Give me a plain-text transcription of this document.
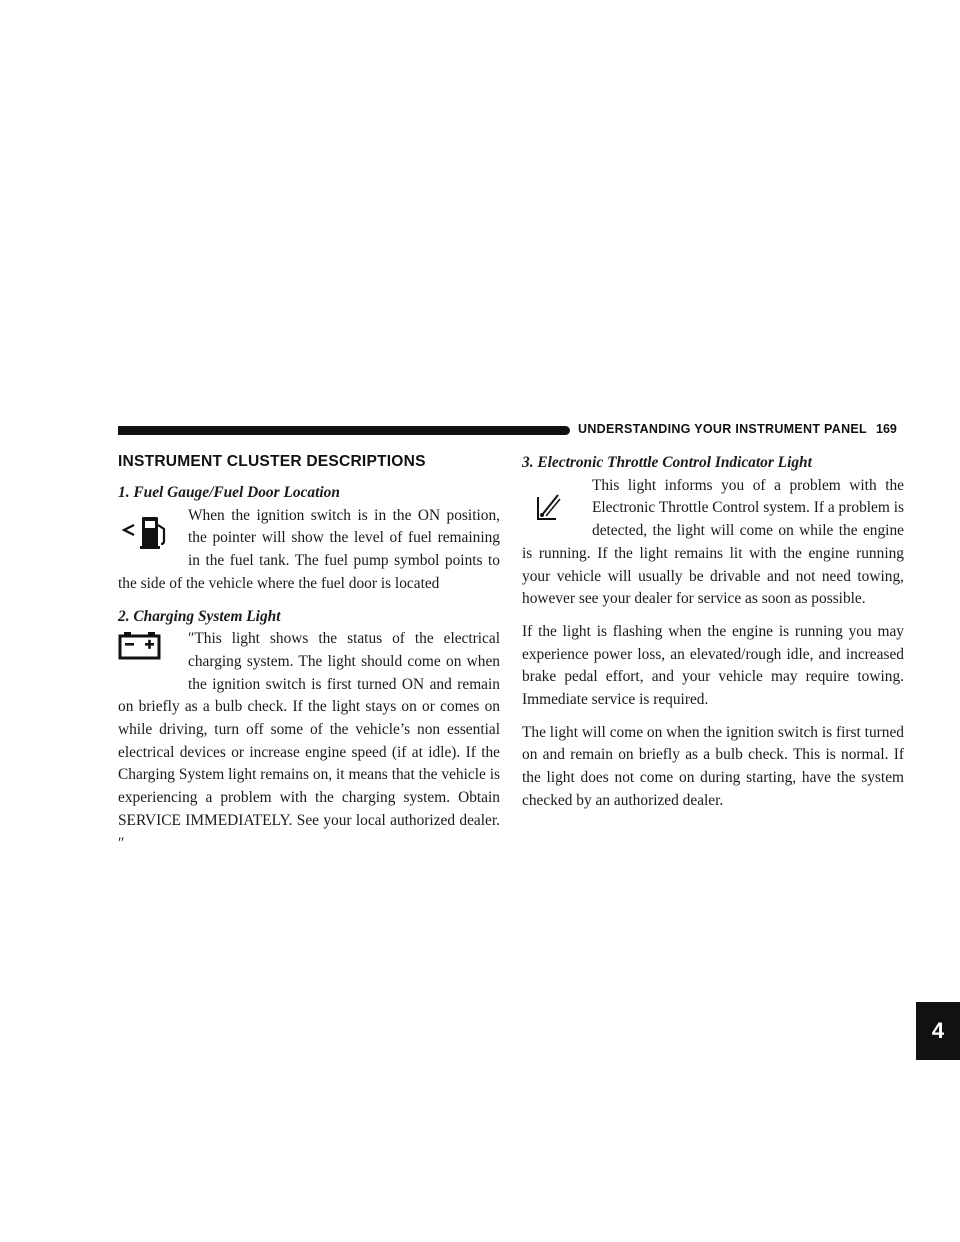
UNDERSTANDING YOUR INSTRUMENT PANEL 169
4
INSTRUMENT CLUSTER DESCRIPTIONS
1. Fuel Gauge/Fuel Door Location

When the ignition switch is in the ON position, the pointer will show the level of fuel remaining in the fuel tank. The fuel pump symbol points to the side of the vehicle where the fuel door is located

2. Charging System Light

″This light shows the status of the electrical charging system. The light should come on when the ignition switch is first turned ON and remain on briefly as a bulb check. If the light stays on or comes on while driving, turn off some of the vehicle’s non essential electrical devices or increase engine speed (if at idle). If the Charging System light remains on, it means that the vehicle is experiencing a problem with the charging system. Obtain SERVICE IMMEDIATELY. See your local authorized dealer.″

3. Electronic Throttle Control Indicator Light

This light informs you of a problem with the Electronic Throttle Control system. If a problem is detected, the light will come on while the engine is running. If the light remains lit with the engine running your vehicle will usually be drivable and not need towing, however see your dealer for service as soon as possible.

If the light is flashing when the engine is running you may experience power loss, an elevated/rough idle, and increased brake pedal effort, and your vehicle may require towing. Immediate service is required.

The light will come on when the ignition switch is first turned on and remain on briefly as a bulb check. This is normal. If the light does not come on during starting, have the system checked by an authorized dealer.
